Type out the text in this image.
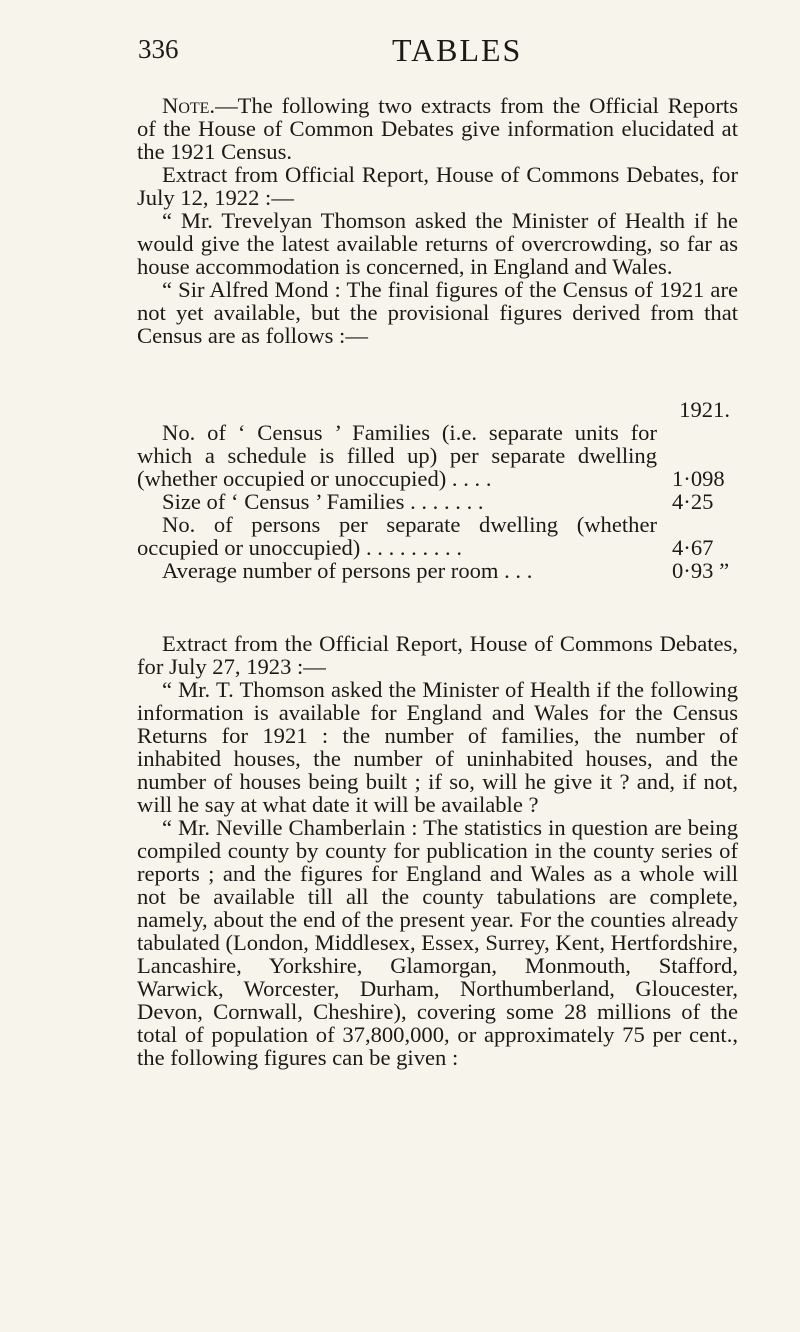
336	TABLES

Note.—The following two extracts from the Official Reports of the House of Common Debates give information elucidated at the 1921 Census.

Extract from Official Report, House of Commons Debates, for July 12, 1922 :—

“ Mr. Trevelyan Thomson asked the Minister of Health if he would give the latest available returns of overcrowding, so far as house accommodation is concerned, in England and Wales.

“ Sir Alfred Mond : The final figures of the Census of 1921 are not yet available, but the provisional figures derived from that Census are as follows :—

1921.
No. of ‘ Census ’ Families (i.e. separate units for which a schedule is filled up) per separate dwelling (whether occupied or unoccupied) . . . .	1·098
Size of ‘ Census ’ Families . . . . . . .	4·25
No. of persons per separate dwelling (whether occupied or unoccupied) . . . . . . . . .	4·67
Average number of persons per room . . .	0·93 ”

Extract from the Official Report, House of Commons Debates, for July 27, 1923 :—

“ Mr. T. Thomson asked the Minister of Health if the following information is available for England and Wales for the Census Returns for 1921 : the number of families, the number of inhabited houses, the number of uninhabited houses, and the number of houses being built ; if so, will he give it ? and, if not, will he say at what date it will be available ?

“ Mr. Neville Chamberlain : The statistics in question are being compiled county by county for publication in the county series of reports ; and the figures for England and Wales as a whole will not be available till all the county tabulations are complete, namely, about the end of the present year. For the counties already tabulated (London, Middlesex, Essex, Surrey, Kent, Hertfordshire, Lancashire, Yorkshire, Glamorgan, Monmouth, Stafford, Warwick, Worcester, Durham, Northumberland, Gloucester, Devon, Cornwall, Cheshire), covering some 28 millions of the total of population of 37,800,000, or approximately 75 per cent., the following figures can be given :
